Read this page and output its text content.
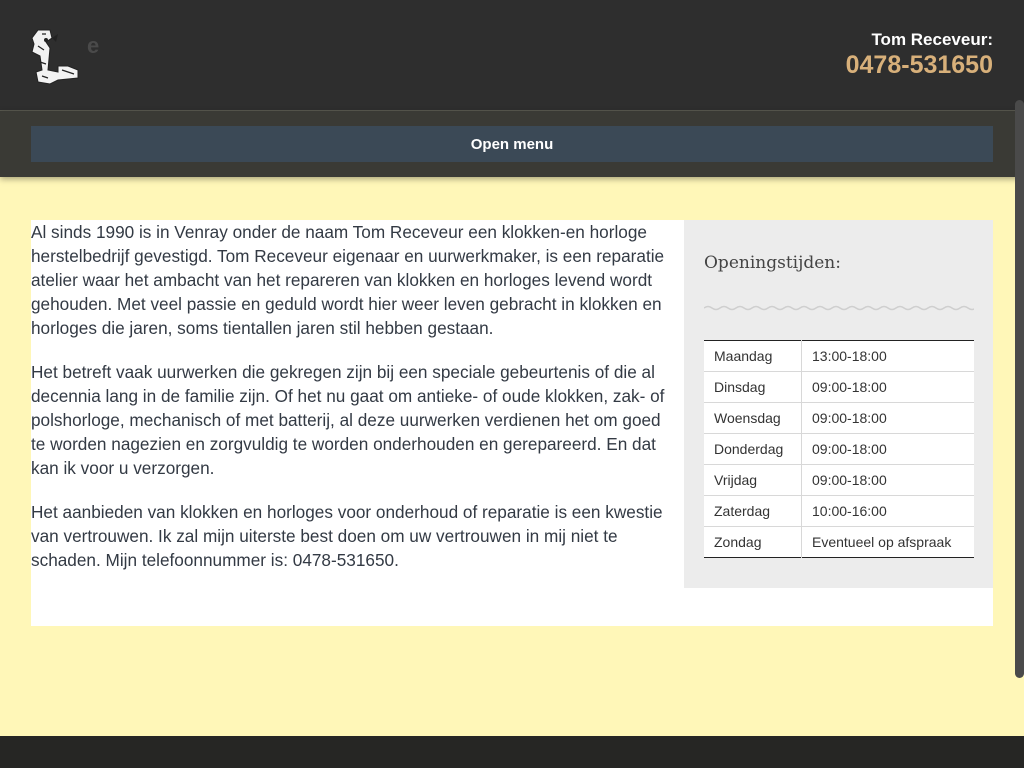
e	Tom Receveur:
0478-531650
Open menu

Al sinds 1990 is in Venray onder de naam Tom Receveur een klokken-en horloge herstelbedrijf gevestigd. Tom Receveur eigenaar en uurwerkmaker, is een reparatie atelier waar het ambacht van het repareren van klokken en horloges levend wordt gehouden. Met veel passie en geduld wordt hier weer leven gebracht in klokken en horloges die jaren, soms tientallen jaren stil hebben gestaan.

Het betreft vaak uurwerken die gekregen zijn bij een speciale gebeurtenis of die al decennia lang in de familie zijn. Of het nu gaat om antieke- of oude klokken, zak- of polshorloge, mechanisch of met batterij, al deze uurwerken verdienen het om goed te worden nagezien en zorgvuldig te worden onderhouden en gerepareerd. En dat kan ik voor u verzorgen.

Het aanbieden van klokken en horloges voor onderhoud of reparatie is een kwestie van vertrouwen. Ik zal mijn uiterste best doen om uw vertrouwen in mij niet te schaden. Mijn telefoonnummer is: 0478-531650.

Openingstijden:
Maandag	13:00-18:00
Dinsdag	09:00-18:00
Woensdag	09:00-18:00
Donderdag	09:00-18:00
Vrijdag	09:00-18:00
Zaterdag	10:00-16:00
Zondag	Eventueel op afspraak
